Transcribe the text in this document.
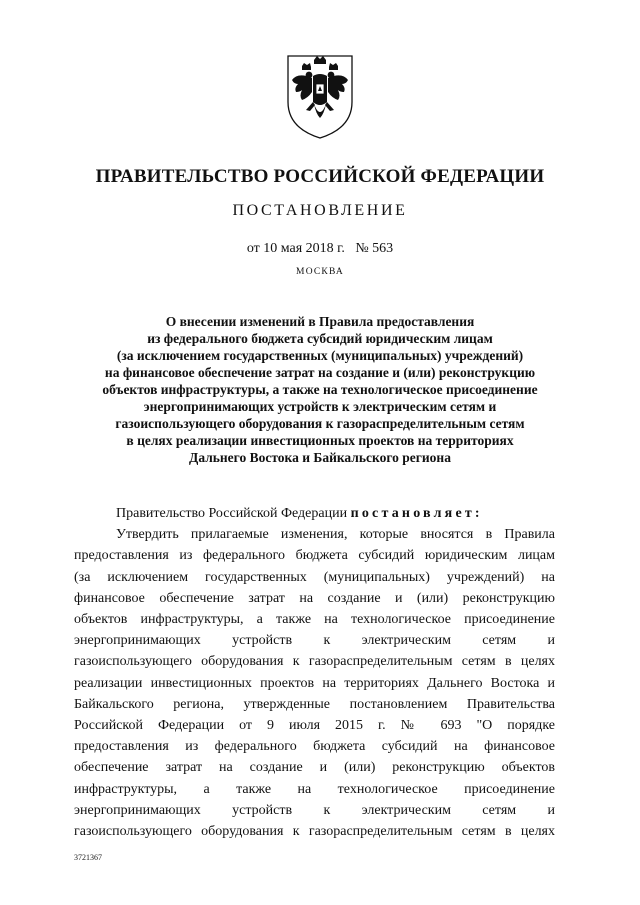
ПРАВИТЕЛЬСТВО РОССИЙСКОЙ ФЕДЕРАЦИИ
ПОСТАНОВЛЕНИЕ
от 10 мая 2018 г. № 563
МОСКВА
О внесении изменений в Правила предоставления
из федерального бюджета субсидий юридическим лицам
(за исключением государственных (муниципальных) учреждений)
на финансовое обеспечение затрат на создание и (или) реконструкцию
объектов инфраструктуры, а также на технологическое присоединение
энергопринимающих устройств к электрическим сетям и
газоиспользующего оборудования к газораспределительным сетям
в целях реализации инвестиционных проектов на территориях
Дальнего Востока и Байкальского региона
Правительство Российской Федерации постановляет:
Утвердить прилагаемые изменения, которые вносятся в Правила
предоставления из федерального бюджета субсидий юридическим лицам
(за исключением государственных (муниципальных) учреждений) на
финансовое обеспечение затрат на создание и (или) реконструкцию
объектов инфраструктуры, а также на технологическое присоединение
энергопринимающих устройств к электрическим сетям и
газоиспользующего оборудования к газораспределительным сетям в целях
реализации инвестиционных проектов на территориях Дальнего Востока и
Байкальского региона, утвержденные постановлением Правительства
Российской Федерации от 9 июля 2015 г. № 693 "О порядке
предоставления из федерального бюджета субсидий на финансовое
обеспечение затрат на создание и (или) реконструкцию объектов
инфраструктуры, а также на технологическое присоединение
энергопринимающих устройств к электрическим сетям и
газоиспользующего оборудования к газораспределительным сетям в целях
3721367
